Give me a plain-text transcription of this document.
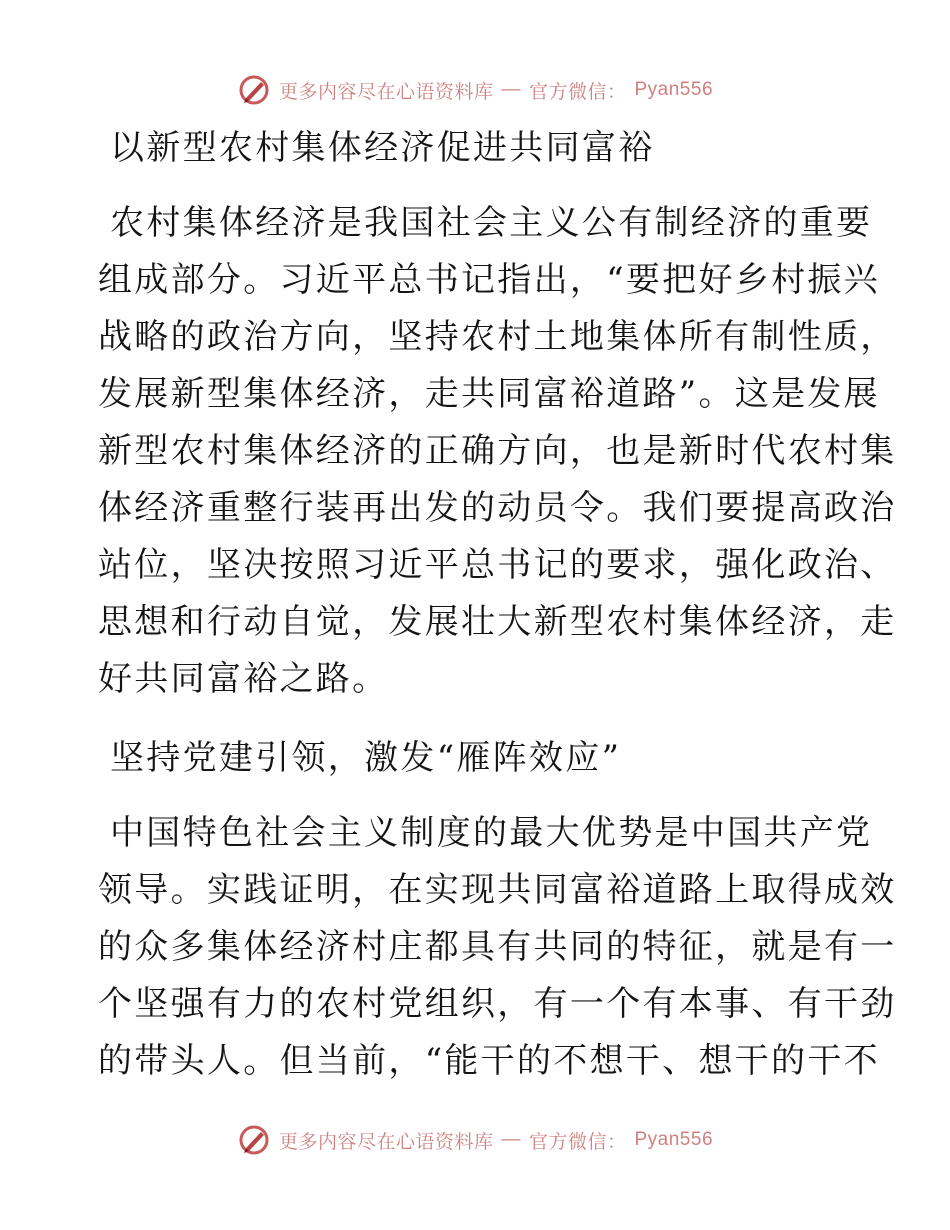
更多内容尽在心语资料库 — 官方微信： Pyan556
以新型农村集体经济促进共同富裕
农村集体经济是我国社会主义公有制经济的重要
组成部分。习近平总书记指出，“要把好乡村振兴
战略的政治方向，坚持农村土地集体所有制性质，
发展新型集体经济，走共同富裕道路”。这是发展
新型农村集体经济的正确方向，也是新时代农村集
体经济重整行装再出发的动员令。我们要提高政治
站位，坚决按照习近平总书记的要求，强化政治、
思想和行动自觉，发展壮大新型农村集体经济，走
好共同富裕之路。
坚持党建引领，激发“雁阵效应”
中国特色社会主义制度的最大优势是中国共产党
领导。实践证明，在实现共同富裕道路上取得成效
的众多集体经济村庄都具有共同的特征，就是有一
个坚强有力的农村党组织，有一个有本事、有干劲
的带头人。但当前，“能干的不想干、想干的干不
更多内容尽在心语资料库 — 官方微信： Pyan556
